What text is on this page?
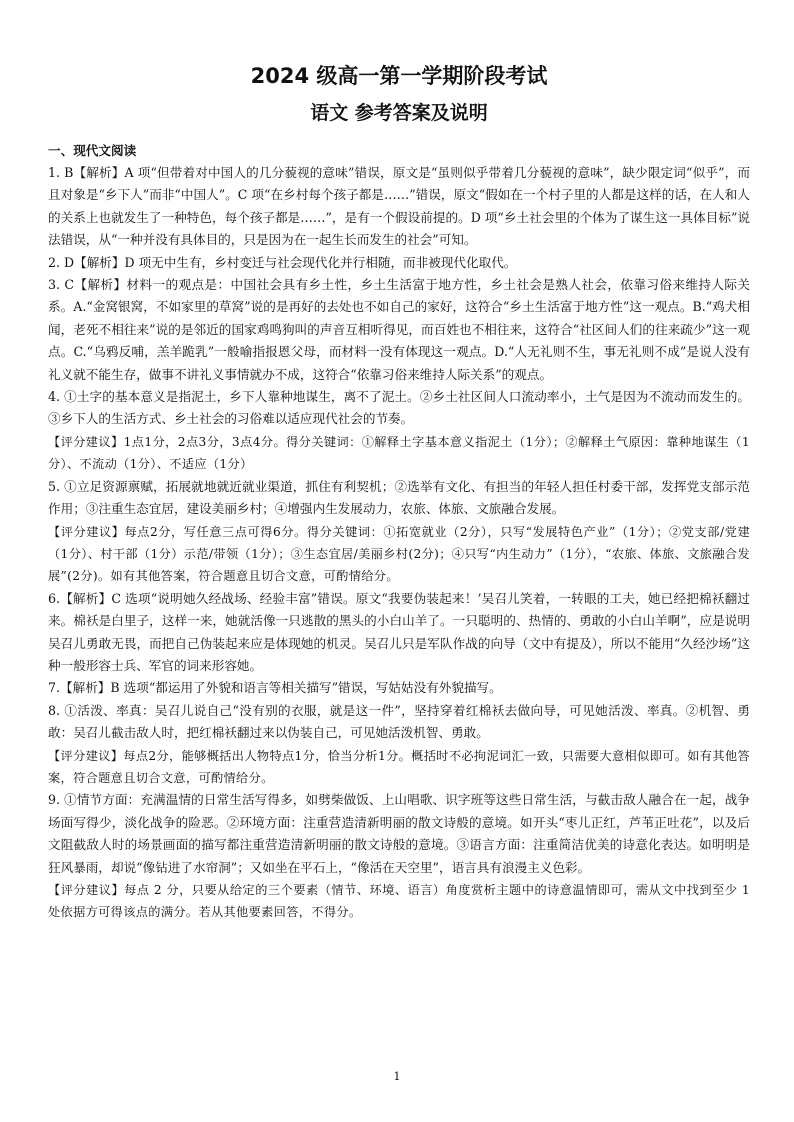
2024 级高一第一学期阶段考试
语文 参考答案及说明
一、现代文阅读

1. B【解析】A 项“但带着对中国人的几分藐视的意味”错误，原文是“虽则似乎带着几分藐视的意味”，缺少限定词“似乎”，而且对象是“乡下人”而非“中国人”。C 项“在乡村每个孩子都是……”错误，原文“假如在一个村子里的人都是这样的话，在人和人的关系上也就发生了一种特色，每个孩子都是……”，是有一个假设前提的。D 项“乡土社会里的个体为了谋生这一具体目标”说法错误，从“一种并没有具体目的，只是因为在一起生长而发生的社会”可知。

2. D【解析】D 项无中生有，乡村变迁与社会现代化并行相随，而非被现代化取代。

3. C【解析】材料一的观点是：中国社会具有乡土性，乡土生活富于地方性，乡土社会是熟人社会，依靠习俗来维持人际关系。A.“金窝银窝，不如家里的草窝”说的是再好的去处也不如自己的家好，这符合“乡土生活富于地方性”这一观点。B.“鸡犬相闻，老死不相往来”说的是邻近的国家鸡鸣狗叫的声音互相听得见，而百姓也不相往来，这符合“社区间人们的往来疏少”这一观点。C.“乌鸦反哺，羔羊跪乳”一般喻指报恩父母，而材料一没有体现这一观点。D.“人无礼则不生，事无礼则不成”是说人没有礼义就不能生存，做事不讲礼义事情就办不成，这符合“依靠习俗来维持人际关系”的观点。

4. ①土字的基本意义是指泥土，乡下人靠种地谋生，离不了泥土。②乡土社区间人口流动率小，土气是因为不流动而发生的。③乡下人的生活方式、乡土社会的习俗难以适应现代社会的节奏。

【评分建议】1点1分，2点3分，3点4分。得分关键词：①解释土字基本意义指泥土（1分）；②解释土气原因：靠种地谋生（1分）、不流动（1分）、不适应（1分）

5. ①立足资源禀赋，拓展就地就近就业渠道，抓住有利契机；②选举有文化、有担当的年轻人担任村委干部，发挥党支部示范作用；③注重生态宜居，建设美丽乡村；④增强内生发展动力，农旅、体旅、文旅融合发展。

【评分建议】每点2分，写任意三点可得6分。得分关键词：①拓宽就业（2分），只写“发展特色产业”（1分）；②党支部/党建（1分）、村干部（1分）示范/带领（1分）；③生态宜居/美丽乡村(2分)；④只写“内生动力”（1分），“农旅、体旅、文旅融合发展”(2分)。如有其他答案，符合题意且切合文意，可酌情给分。

6.【解析】C 选项“说明她久经战场、经验丰富”错误。原文“我要伪装起来！’吴召儿笑着，一转眼的工夫，她已经把棉袄翻过来。棉袄是白里子，这样一来，她就活像一只逃散的黑头的小白山羊了。一只聪明的、热情的、勇敢的小白山羊啊”，应是说明吴召儿勇敢无畏，而把自己伪装起来应是体现她的机灵。吴召儿只是军队作战的向导（文中有提及），所以不能用“久经沙场”这种一般形容士兵、军官的词来形容她。

7.【解析】B 选项“都运用了外貌和语言等相关描写”错误，写姑姑没有外貌描写。

8. ①活泼、率真：吴召儿说自己“没有别的衣服，就是这一件”，坚持穿着红棉袄去做向导，可见她活泼、率真。②机智、勇敢：吴召儿截击敌人时，把红棉袄翻过来以伪装自己，可见她活泼机智、勇敢。

【评分建议】每点2分，能够概括出人物特点1分，恰当分析1分。概括时不必拘泥词汇一致，只需要大意相似即可。如有其他答案，符合题意且切合文意，可酌情给分。

9. ①情节方面：充满温情的日常生活写得多，如劈柴做饭、上山唱歌、识字班等这些日常生活，与截击敌人融合在一起，战争场面写得少，淡化战争的险恶。②环境方面：注重营造清新明丽的散文诗般的意境。如开头“枣儿正红，芦苇正吐花”，以及后文阻截敌人时的场景画面的描写都注重营造清新明丽的散文诗般的意境。③语言方面：注重简洁优美的诗意化表达。如明明是狂风暴雨，却说“像钻进了水帘洞”；又如坐在平石上，“像活在天空里”，语言具有浪漫主义色彩。

【评分建议】每点 2 分，只要从给定的三个要素（情节、环境、语言）角度赏析主题中的诗意温情即可，需从文中找到至少 1 处依据方可得该点的满分。若从其他要素回答，不得分。

1
